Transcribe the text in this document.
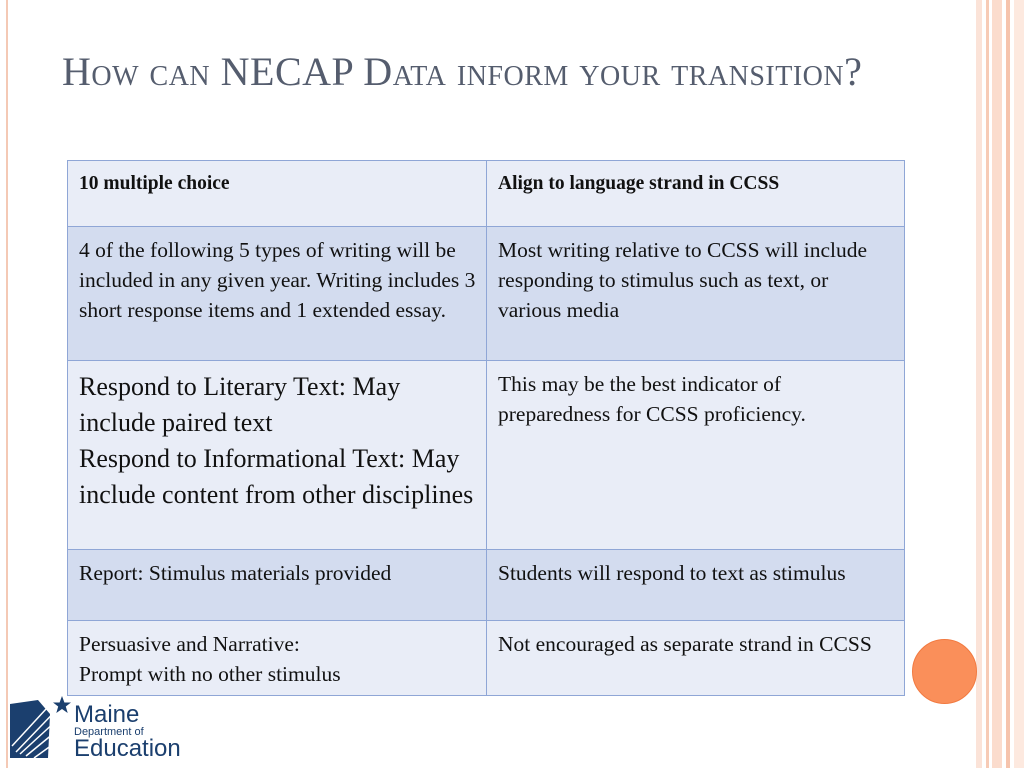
How can NECAP Data inform your transition?
10 multiple choice	Align to language strand in CCSS

4 of the following 5 types of writing will be included in any given year. Writing includes 3 short response items and 1 extended essay.	Most writing relative to CCSS will include responding to stimulus such as text, or various media

Respond to Literary Text: May include paired text
Respond to Informational Text: May include content from other disciplines	This may be the best indicator of preparedness for CCSS proficiency.

Report: Stimulus materials provided	Students will respond to text as stimulus

Persuasive and Narrative:
Prompt with no other stimulus	Not encouraged as separate strand in CCSS
Maine
Department of
Education
